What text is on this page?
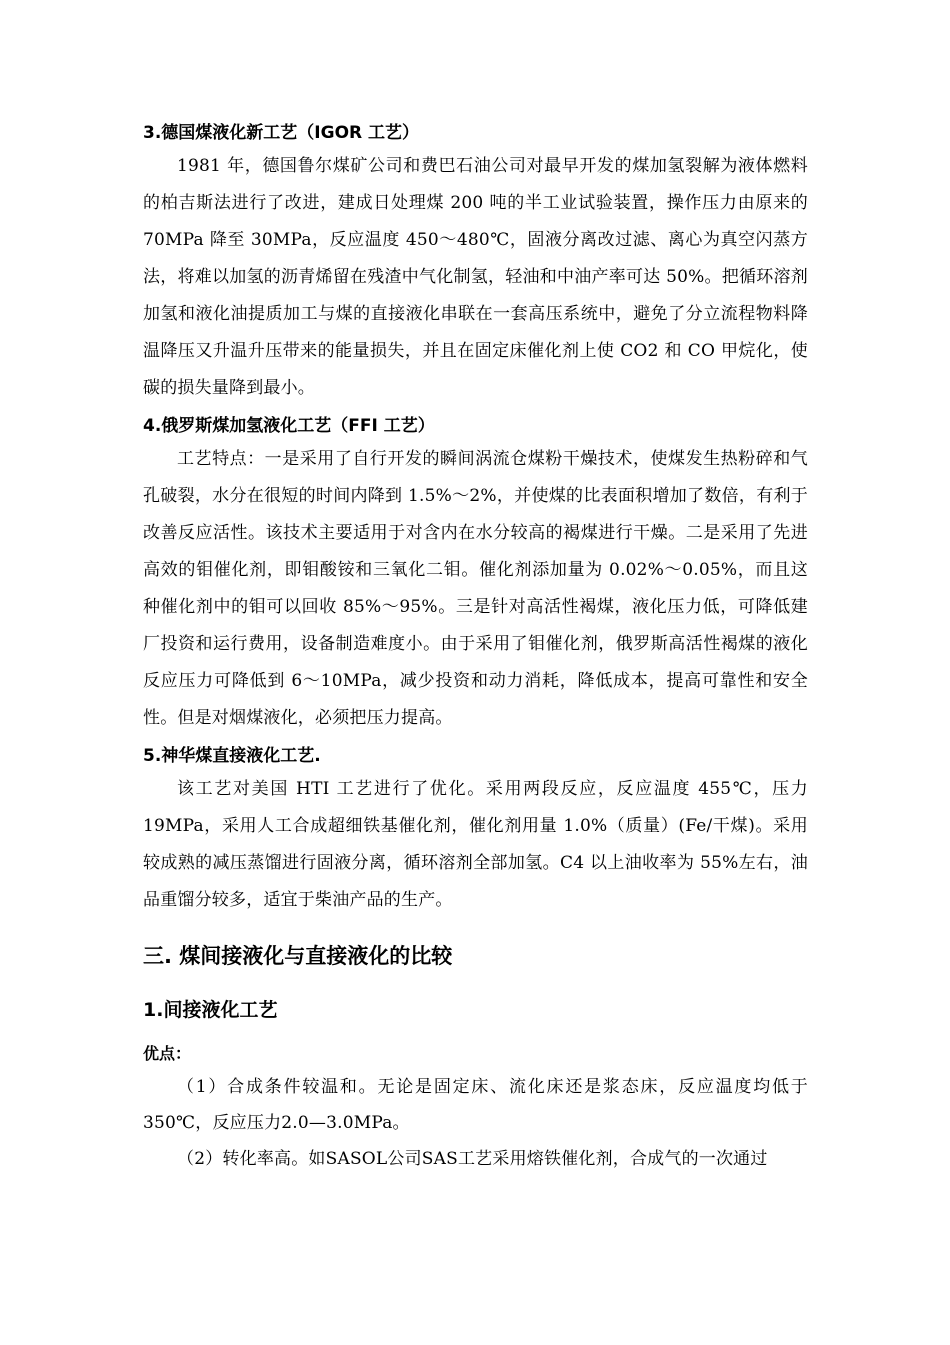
3.德国煤液化新工艺（IGOR 工艺）

1981 年，德国鲁尔煤矿公司和费巴石油公司对最早开发的煤加氢裂解为液体燃料的柏吉斯法进行了改进，建成日处理煤 200 吨的半工业试验装置，操作压力由原来的 70MPa 降至 30MPa，反应温度 450～480℃，固液分离改过滤、离心为真空闪蒸方法，将难以加氢的沥青烯留在残渣中气化制氢，轻油和中油产率可达 50%。把循环溶剂加氢和液化油提质加工与煤的直接液化串联在一套高压系统中，避免了分立流程物料降温降压又升温升压带来的能量损失，并且在固定床催化剂上使 CO2 和 CO 甲烷化，使碳的损失量降到最小。

4.俄罗斯煤加氢液化工艺（FFI 工艺）

工艺特点：一是采用了自行开发的瞬间涡流仓煤粉干燥技术，使煤发生热粉碎和气孔破裂，水分在很短的时间内降到 1.5%～2%，并使煤的比表面积增加了数倍，有利于改善反应活性。该技术主要适用于对含内在水分较高的褐煤进行干燥。二是采用了先进高效的钼催化剂，即钼酸铵和三氧化二钼。催化剂添加量为 0.02%～0.05%，而且这种催化剂中的钼可以回收 85%～95%。三是针对高活性褐煤，液化压力低，可降低建厂投资和运行费用，设备制造难度小。由于采用了钼催化剂，俄罗斯高活性褐煤的液化反应压力可降低到 6～10MPa，减少投资和动力消耗，降低成本，提高可靠性和安全性。但是对烟煤液化，必须把压力提高。

5.神华煤直接液化工艺.

该工艺对美国 HTI 工艺进行了优化。采用两段反应，反应温度 455℃，压力 19MPa，采用人工合成超细铁基催化剂，催化剂用量 1.0%（质量）(Fe/干煤)。采用较成熟的减压蒸馏进行固液分离，循环溶剂全部加氢。C4 以上油收率为 55%左右，油品重馏分较多，适宜于柴油产品的生产。

三. 煤间接液化与直接液化的比较
1.间接液化工艺
优点：

（1）合成条件较温和。无论是固定床、流化床还是浆态床，反应温度均低于 350℃，反应压力2.0—3.0MPa。

（2）转化率高。如SASOL公司SAS工艺采用熔铁催化剂，合成气的一次通过
